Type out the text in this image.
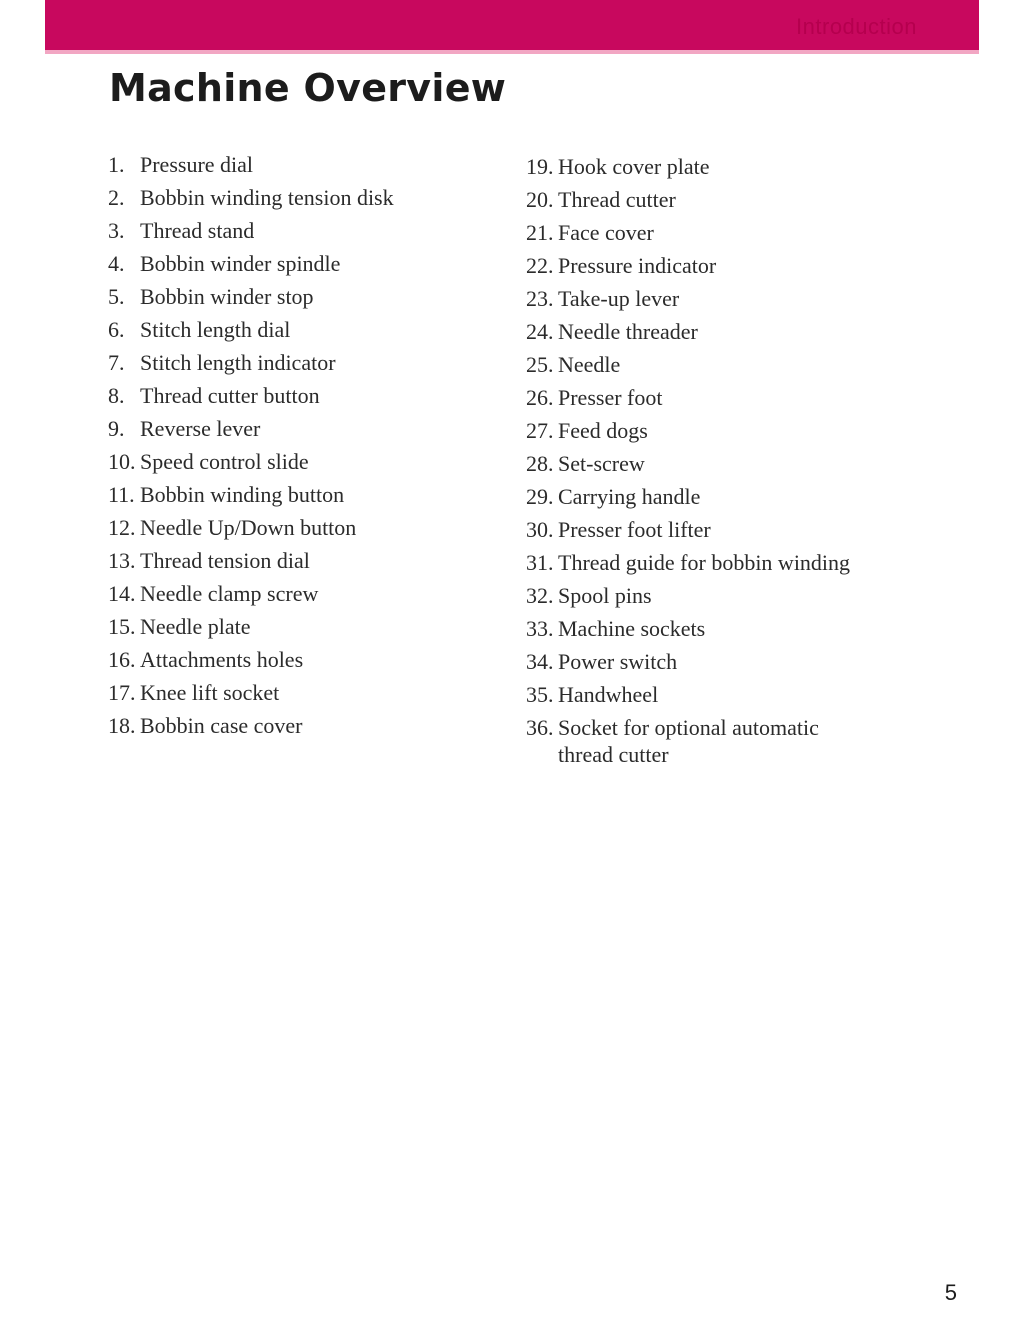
Introduction
Machine Overview
1. Pressure dial
2. Bobbin winding tension disk
3. Thread stand
4. Bobbin winder spindle
5. Bobbin winder stop
6. Stitch length dial
7. Stitch length indicator
8. Thread cutter button
9. Reverse lever
10. Speed control slide
11. Bobbin winding button
12. Needle Up/Down button
13. Thread tension dial
14. Needle clamp screw
15. Needle plate
16. Attachments holes
17. Knee lift socket
18. Bobbin case cover
19. Hook cover plate
20. Thread cutter
21. Face cover
22. Pressure indicator
23. Take-up lever
24. Needle threader
25. Needle
26. Presser foot
27. Feed dogs
28. Set-screw
29. Carrying handle
30. Presser foot lifter
31. Thread guide for bobbin winding
32. Spool pins
33. Machine sockets
34. Power switch
35. Handwheel
36. Socket for optional automatic thread cutter
5
